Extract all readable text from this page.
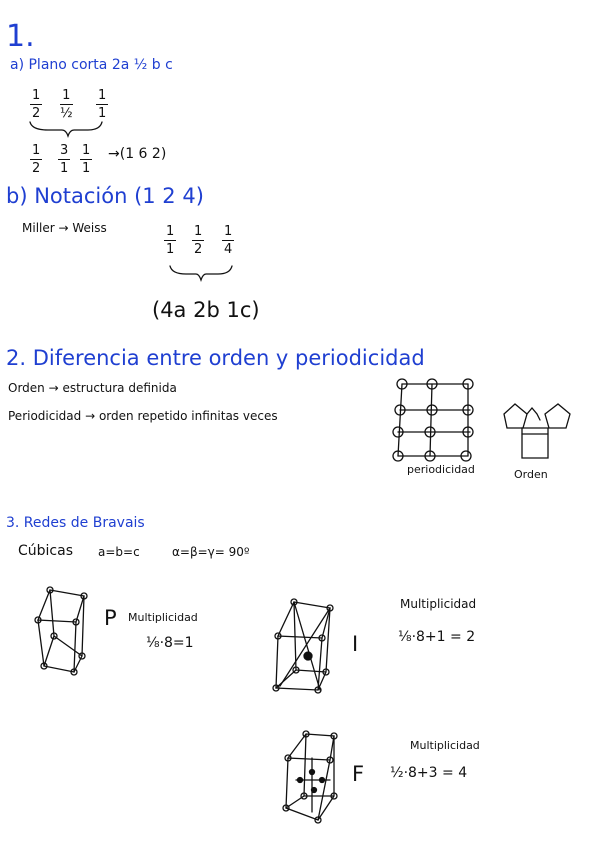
1.
a) Plano corta 2a ½ b c
$\frac{1}{2} 1$
½ $\frac{1}{1}$
$\frac{1}{2} \frac{3}{1} \frac{1}{1} \to(1$ 6 2)
b) Notación (1 2 4)
Miller → Weiss	$\frac{1}{1} \frac{1}{2} \frac{1}{4}$
(4a 2b 1c)
2. Diferencia entre orden y periodicidad
Orden → estructura definida
Periodicidad → orden repetido infinitas veces
periodicidad	Orden
3. Redes de Bravais
Cúbicas a=b=c	α=β=γ= 90º
P Multiplicidad
⅛·8=1	I
Multiplicidad
⅛·8+1 = 2
F
Multiplicidad
½·8+3 = 4
